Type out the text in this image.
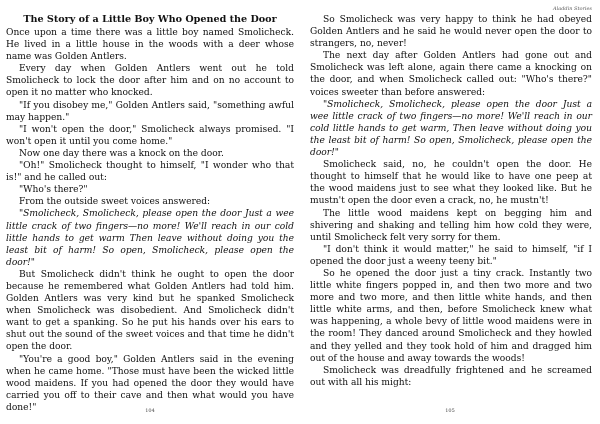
The Story of a Little Boy Who Opened the Door

Once upon a time there was a little boy named Smolicheck. He lived in a little house in the woods with a deer whose name was Golden Antlers.

Every day when Golden Antlers went out he told Smolicheck to lock the door after him and on no account to open it no matter who knocked.

"If you disobey me," Golden Antlers said, "something awful may happen."

"I won't open the door," Smolicheck always promised. "I won't open it until you come home."

Now one day there was a knock on the door.

"Oh!" Smolicheck thought to himself, "I wonder who that is!" and he called out:

"Who's there?"

From the outside sweet voices answered:

"Smolicheck, Smolicheck, please open the door Just a wee little crack of two fingers—no more! We'll reach in our cold little hands to get warm Then leave without doing you the least bit of harm! So open, Smolicheck, please open the door!"

But Smolicheck didn't think he ought to open the door because he remembered what Golden Antlers had told him. Golden Antlers was very kind but he spanked Smolicheck when Smolicheck was disobedient. And Smolicheck didn't want to get a spanking. So he put his hands over his ears to shut out the sound of the sweet voices and that time he didn't open the door.

"You're a good boy," Golden Antlers said in the evening when he came home. "Those must have been the wicked little wood maidens. If you had opened the door they would have carried you off to their cave and then what would you have done!"	104
Aladdin Stories

So Smolicheck was very happy to think he had obeyed Golden Antlers and he said he would never open the door to strangers, no, never!

The next day after Golden Antlers had gone out and Smolicheck was left alone, again there came a knocking on the door, and when Smolicheck called out: "Who's there?" voices sweeter than before answered:

"Smolicheck, Smolicheck, please open the door Just a wee little crack of two fingers—no more! We'll reach in our cold little hands to get warm, Then leave without doing you the least bit of harm! So open, Smolicheck, please open the door!"

Smolicheck said, no, he couldn't open the door. He thought to himself that he would like to have one peep at the wood maidens just to see what they looked like. But he mustn't open the door even a crack, no, he mustn't!

The little wood maidens kept on begging him and shivering and shaking and telling him how cold they were, until Smolicheck felt very sorry for them.

"I don't think it would matter," he said to himself, "if I opened the door just a weeny teeny bit."

So he opened the door just a tiny crack. Instantly two little white fingers popped in, and then two more and two more and two more, and then little white hands, and then little white arms, and then, before Smolicheck knew what was happening, a whole bevy of little wood maidens were in the room! They danced around Smolicheck and they howled and they yelled and they took hold of him and dragged him out of the house and away towards the woods!

Smolicheck was dreadfully frightened and he screamed out with all his might:

105
